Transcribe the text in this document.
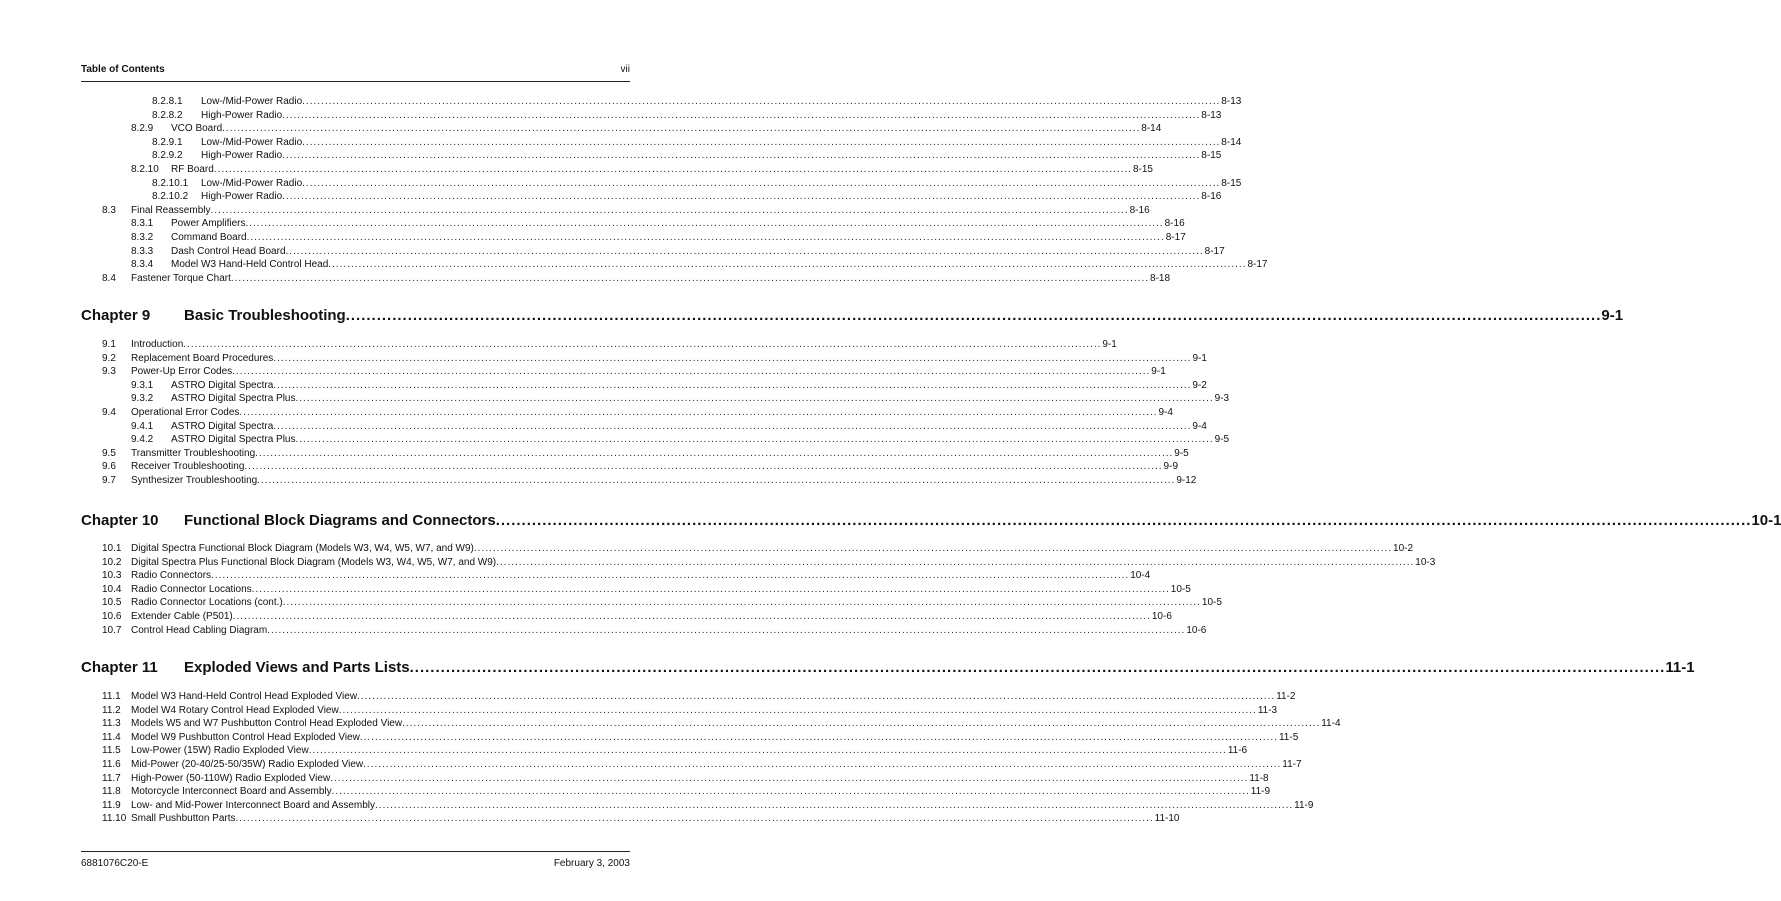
Table of Contents	vii
8.2.8.1 Low-/Mid-Power Radio ................................................................................................................................................................................................................................................... 8-13
8.2.8.2 High-Power Radio ................................................................................................................................................................................................................................................... 8-13
8.2.9 VCO Board ................................................................................................................................................................................................................................................... 8-14
8.2.9.1 Low-/Mid-Power Radio ................................................................................................................................................................................................................................................... 8-14
8.2.9.2 High-Power Radio ................................................................................................................................................................................................................................................... 8-15
8.2.10 RF Board ................................................................................................................................................................................................................................................... 8-15
8.2.10.1 Low-/Mid-Power Radio ................................................................................................................................................................................................................................................... 8-15
8.2.10.2 High-Power Radio ................................................................................................................................................................................................................................................... 8-16
8.3 Final Reassembly ................................................................................................................................................................................................................................................... 8-16
8.3.1 Power Amplifiers ................................................................................................................................................................................................................................................... 8-16
8.3.2 Command Board ................................................................................................................................................................................................................................................... 8-17
8.3.3 Dash Control Head Board ................................................................................................................................................................................................................................................... 8-17
8.3.4 Model W3 Hand-Held Control Head ................................................................................................................................................................................................................................................... 8-17
8.4 Fastener Torque Chart ................................................................................................................................................................................................................................................... 8-18
Chapter 9 Basic Troubleshooting ................................................................................................................................................................................................................................................... 9-1
9.1 Introduction ................................................................................................................................................................................................................................................... 9-1
9.2 Replacement Board Procedures ................................................................................................................................................................................................................................................... 9-1
9.3 Power-Up Error Codes ................................................................................................................................................................................................................................................... 9-1
9.3.1 ASTRO Digital Spectra ................................................................................................................................................................................................................................................... 9-2
9.3.2 ASTRO Digital Spectra Plus ................................................................................................................................................................................................................................................... 9-3
9.4 Operational Error Codes ................................................................................................................................................................................................................................................... 9-4
9.4.1 ASTRO Digital Spectra ................................................................................................................................................................................................................................................... 9-4
9.4.2 ASTRO Digital Spectra Plus ................................................................................................................................................................................................................................................... 9-5
9.5 Transmitter Troubleshooting ................................................................................................................................................................................................................................................... 9-5
9.6 Receiver Troubleshooting ................................................................................................................................................................................................................................................... 9-9
9.7 Synthesizer Troubleshooting ................................................................................................................................................................................................................................................... 9-12
Chapter 10 Functional Block Diagrams and Connectors ................................................................................................................................................................................................................................................... 10-1
10.1 Digital Spectra Functional Block Diagram (Models W3, W4, W5, W7, and W9) ................................................................................................................................................................................................................................................... 10-2
10.2 Digital Spectra Plus Functional Block Diagram (Models W3, W4, W5, W7, and W9) ................................................................................................................................................................................................................................................... 10-3
10.3 Radio Connectors ................................................................................................................................................................................................................................................... 10-4
10.4 Radio Connector Locations ................................................................................................................................................................................................................................................... 10-5
10.5 Radio Connector Locations (cont.) ................................................................................................................................................................................................................................................... 10-5
10.6 Extender Cable (P501) ................................................................................................................................................................................................................................................... 10-6
10.7 Control Head Cabling Diagram ................................................................................................................................................................................................................................................... 10-6
Chapter 11 Exploded Views and Parts Lists ................................................................................................................................................................................................................................................... 11-1
11.1 Model W3 Hand-Held Control Head Exploded View ................................................................................................................................................................................................................................................... 11-2
11.2 Model W4 Rotary Control Head Exploded View ................................................................................................................................................................................................................................................... 11-3
11.3 Models W5 and W7 Pushbutton Control Head Exploded View ................................................................................................................................................................................................................................................... 11-4
11.4 Model W9 Pushbutton Control Head Exploded View ................................................................................................................................................................................................................................................... 11-5
11.5 Low-Power (15W) Radio Exploded View ................................................................................................................................................................................................................................................... 11-6
11.6 Mid-Power (20-40/25-50/35W) Radio Exploded View ................................................................................................................................................................................................................................................... 11-7
11.7 High-Power (50-110W) Radio Exploded View ................................................................................................................................................................................................................................................... 11-8
11.8 Motorcycle Interconnect Board and Assembly ................................................................................................................................................................................................................................................... 11-9
11.9 Low- and Mid-Power Interconnect Board and Assembly ................................................................................................................................................................................................................................................... 11-9
11.10 Small Pushbutton Parts ................................................................................................................................................................................................................................................... 11-10
6881076C20-E	February 3, 2003
